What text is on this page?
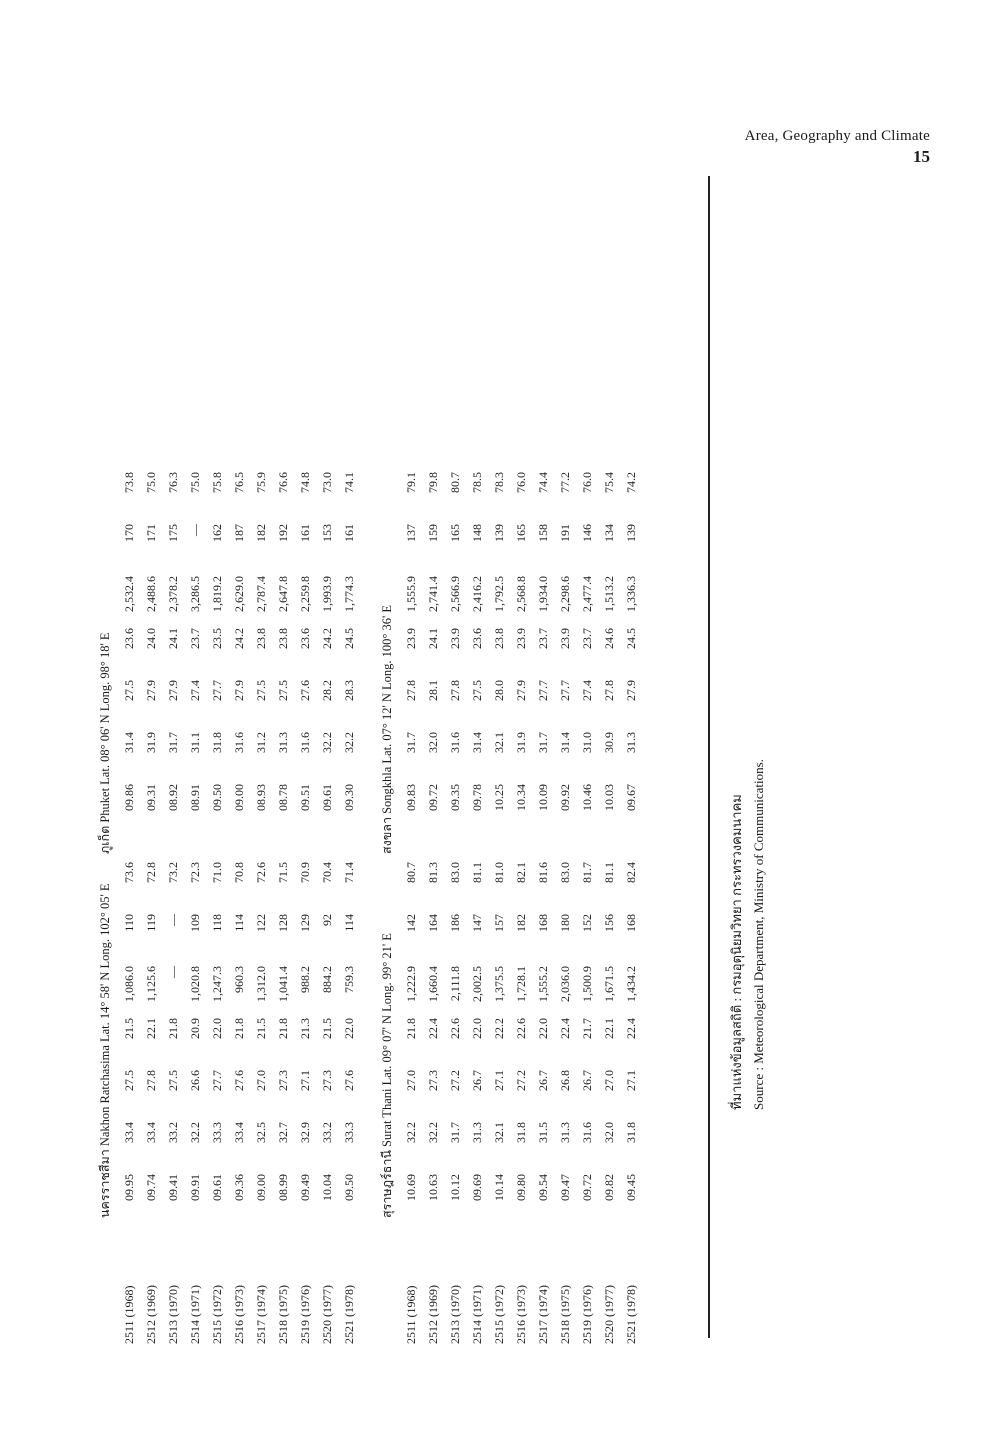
Area, Geography and Climate
15
	นครราชสีมา Nakhon Ratchasima Lat. 14° 58' N Long. 102° 05' E							ภูเก็ต Phuket Lat. 08° 06' N Long. 98° 18' E						
2511 (1968)	09.95	33.4	27.5	21.5	1,086.0	110	73.6	09.86	31.4	27.5	23.6	2,532.4	170	73.8
2512 (1969)	09.74	33.4	27.8	22.1	1,125.6	119	72.8	09.31	31.9	27.9	24.0	2,488.6	171	75.0
2513 (1970)	09.41	33.2	27.5	21.8	—	—	73.2	08.92	31.7	27.9	24.1	2,378.2	175	76.3
2514 (1971)	09.91	32.2	26.6	20.9	1,020.8	109	72.3	08.91	31.1	27.4	23.7	3,286.5	—	75.0
2515 (1972)	09.61	33.3	27.7	22.0	1,247.3	118	71.0	09.50	31.8	27.7	23.5	1,819.2	162	75.8
2516 (1973)	09.36	33.4	27.6	21.8	960.3	114	70.8	09.00	31.6	27.9	24.2	2,629.0	187	76.5
2517 (1974)	09.00	32.5	27.0	21.5	1,312.0	122	72.6	08.93	31.2	27.5	23.8	2,787.4	182	75.9
2518 (1975)	08.99	32.7	27.3	21.8	1,041.4	128	71.5	08.78	31.3	27.5	23.8	2,647.8	192	76.6
2519 (1976)	09.49	32.9	27.1	21.3	988.2	129	70.9	09.51	31.6	27.6	23.6	2,259.8	161	74.8
2520 (1977)	10.04	33.2	27.3	21.5	884.2	92	70.4	09.61	32.2	28.2	24.2	1,993.9	153	73.0
2521 (1978)	09.50	33.3	27.6	22.0	759.3	114	71.4	09.30	32.2	28.3	24.5	1,774.3	161	74.1

	สุราษฎร์ธานี Surat Thani Lat. 09° 07' N Long. 99° 21' E							สงขลา Songkhla Lat. 07° 12' N Long. 100° 36' E						
2511 (1968)	10.69	32.2	27.0	21.8	1,222.9	142	80.7	09.83	31.7	27.8	23.9	1,555.9	137	79.1
2512 (1969)	10.63	32.2	27.3	22.4	1,660.4	164	81.3	09.72	32.0	28.1	24.1	2,741.4	159	79.8
2513 (1970)	10.12	31.7	27.2	22.6	2,111.8	186	83.0	09.35	31.6	27.8	23.9	2,566.9	165	80.7
2514 (1971)	09.69	31.3	26.7	22.0	2,002.5	147	81.1	09.78	31.4	27.5	23.6	2,416.2	148	78.5
2515 (1972)	10.14	32.1	27.1	22.2	1,375.5	157	81.0	10.25	32.1	28.0	23.8	1,792.5	139	78.3
2516 (1973)	09.80	31.8	27.2	22.6	1,728.1	182	82.1	10.34	31.9	27.9	23.9	2,568.8	165	76.0
2517 (1974)	09.54	31.5	26.7	22.0	1,555.2	168	81.6	10.09	31.7	27.7	23.7	1,934.0	158	74.4
2518 (1975)	09.47	31.3	26.8	22.4	2,036.0	180	83.0	09.92	31.4	27.7	23.9	2,298.6	191	77.2
2519 (1976)	09.72	31.6	26.7	21.7	1,500.9	152	81.7	10.46	31.0	27.4	23.7	2,477.4	146	76.0
2520 (1977)	09.82	32.0	27.0	22.1	1,671.5	156	81.1	10.03	30.9	27.8	24.6	1,513.2	134	75.4
2521 (1978)	09.45	31.8	27.1	22.4	1,434.2	168	82.4	09.67	31.3	27.9	24.5	1,336.3	139	74.2
ที่มาแห่งข้อมูลสถิติ : กรมอุตุนิยมวิทยา กระทรวงคมนาคม Source : Meteorological Department, Ministry of Communications.
